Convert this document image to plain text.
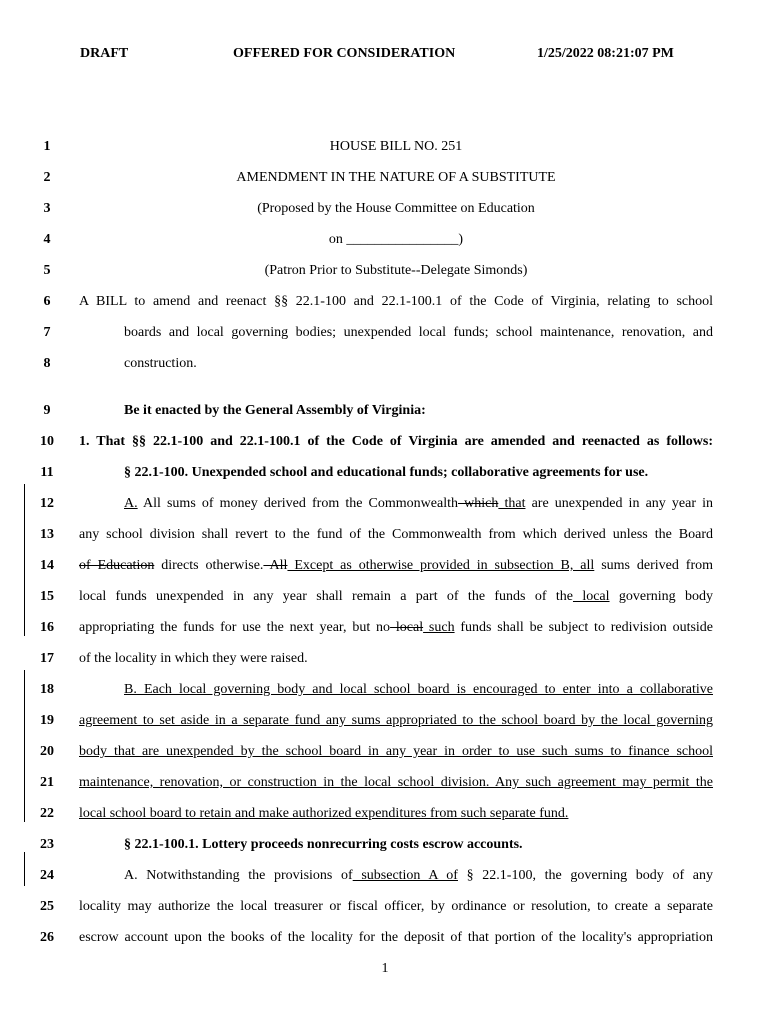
DRAFT	OFFERED FOR CONSIDERATION	1/25/2022 08:21:07 PM
1	HOUSE BILL NO. 251
2	AMENDMENT IN THE NATURE OF A SUBSTITUTE
3	(Proposed by the House Committee on Education
4	on ________________)
5	(Patron Prior to Substitute--Delegate Simonds)
6	A BILL to amend and reenact §§ 22.1-100 and 22.1-100.1 of the Code of Virginia, relating to school
7	boards and local governing bodies; unexpended local funds; school maintenance, renovation, and
8	construction.
9	Be it enacted by the General Assembly of Virginia:
10	1. That §§ 22.1-100 and 22.1-100.1 of the Code of Virginia are amended and reenacted as follows:
11	§ 22.1-100. Unexpended school and educational funds; collaborative agreements for use.
12	A. All sums of money derived from the Commonwealth which that are unexpended in any year in
13	any school division shall revert to the fund of the Commonwealth from which derived unless the Board
14	of Education directs otherwise. All Except as otherwise provided in subsection B, all sums derived from
15	local funds unexpended in any year shall remain a part of the funds of the local governing body
16	appropriating the funds for use the next year, but no local such funds shall be subject to redivision outside
17	of the locality in which they were raised.
18	B. Each local governing body and local school board is encouraged to enter into a collaborative
19	agreement to set aside in a separate fund any sums appropriated to the school board by the local governing
20	body that are unexpended by the school board in any year in order to use such sums to finance school
21	maintenance, renovation, or construction in the local school division. Any such agreement may permit the
22	local school board to retain and make authorized expenditures from such separate fund.
23	§ 22.1-100.1. Lottery proceeds nonrecurring costs escrow accounts.
24	A. Notwithstanding the provisions of subsection A of § 22.1-100, the governing body of any
25	locality may authorize the local treasurer or fiscal officer, by ordinance or resolution, to create a separate
26	escrow account upon the books of the locality for the deposit of that portion of the locality's appropriation
1
